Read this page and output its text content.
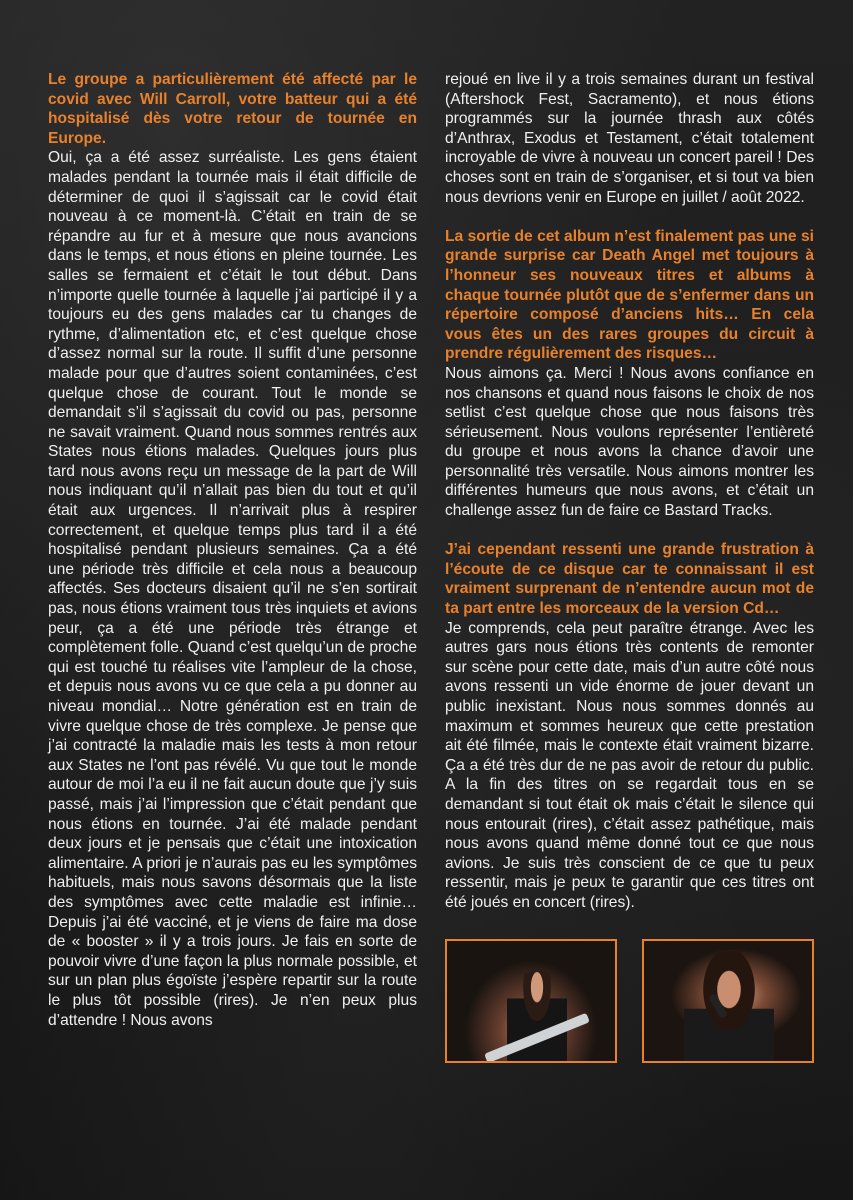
Le groupe a particulièrement été affecté par le covid avec Will Carroll, votre batteur qui a été hospitalisé dès votre retour de tournée en Europe.

Oui, ça a été assez surréaliste. Les gens étaient malades pendant la tournée mais il était difficile de déterminer de quoi il s’agissait car le covid était nouveau à ce moment-là. C’était en train de se répandre au fur et à mesure que nous avancions dans le temps, et nous étions en pleine tournée. Les salles se fermaient et c’était le tout début. Dans n’importe quelle tournée à laquelle j’ai participé il y a toujours eu des gens malades car tu changes de rythme, d’alimentation etc, et c’est quelque chose d’assez normal sur la route. Il suffit d’une personne malade pour que d’autres soient contaminées, c’est quelque chose de courant. Tout le monde se demandait s’il s’agissait du covid ou pas, personne ne savait vraiment. Quand nous sommes rentrés aux States nous étions malades. Quelques jours plus tard nous avons reçu un message de la part de Will nous indiquant qu’il n’allait pas bien du tout et qu’il était aux urgences. Il n’arrivait plus à respirer correctement, et quelque temps plus tard il a été hospitalisé pendant plusieurs semaines. Ça a été une période très difficile et cela nous a beaucoup affectés. Ses docteurs disaient qu’il ne s’en sortirait pas, nous étions vraiment tous très inquiets et avions peur, ça a été une période très étrange et complètement folle. Quand c’est quelqu’un de proche qui est touché tu réalises vite l’ampleur de la chose, et depuis nous avons vu ce que cela a pu donner au niveau mondial… Notre génération est en train de vivre quelque chose de très complexe. Je pense que j’ai contracté la maladie mais les tests à mon retour aux States ne l’ont pas révélé. Vu que tout le monde autour de moi l’a eu il ne fait aucun doute que j’y suis passé, mais j’ai l’impression que c’était pendant que nous étions en tournée. J’ai été malade pendant deux jours et je pensais que c’était une intoxication alimentaire. A priori je n’aurais pas eu les symptômes habituels, mais nous savons désormais que la liste des symptômes avec cette maladie est infinie… Depuis j’ai été vacciné, et je viens de faire ma dose de « booster » il y a trois jours. Je fais en sorte de pouvoir vivre d’une façon la plus normale possible, et sur un plan plus égoïste j’espère repartir sur la route le plus tôt possible (rires). Je n’en peux plus d’attendre ! Nous avons

rejoué en live il y a trois semaines durant un festival (Aftershock Fest, Sacramento), et nous étions programmés sur la journée thrash aux côtés d’Anthrax, Exodus et Testament, c’était totalement incroyable de vivre à nouveau un concert pareil ! Des choses sont en train de s’organiser, et si tout va bien nous devrions venir en Europe en juillet / août 2022.

La sortie de cet album n’est finalement pas une si grande surprise car Death Angel met toujours à l’honneur ses nouveaux titres et albums à chaque tournée plutôt que de s’enfermer dans un répertoire composé d’anciens hits… En cela vous êtes un des rares groupes du circuit à prendre régulièrement des risques…

Nous aimons ça. Merci ! Nous avons confiance en nos chansons et quand nous faisons le choix de nos setlist c’est quelque chose que nous faisons très sérieusement. Nous voulons représenter l’entièreté du groupe et nous avons la chance d’avoir une personnalité très versatile. Nous aimons montrer les différentes humeurs que nous avons, et c’était un challenge assez fun de faire ce Bastard Tracks.

J’ai cependant ressenti une grande frustration à l’écoute de ce disque car te connaissant il est vraiment surprenant de n’entendre aucun mot de ta part entre les morceaux de la version Cd…

Je comprends, cela peut paraître étrange. Avec les autres gars nous étions très contents de remonter sur scène pour cette date, mais d’un autre côté nous avons ressenti un vide énorme de jouer devant un public inexistant. Nous nous sommes donnés au maximum et sommes heureux que cette prestation ait été filmée, mais le contexte était vraiment bizarre. Ça a été très dur de ne pas avoir de retour du public. A la fin des titres on se regardait tous en se demandant si tout était ok mais c’était le silence qui nous entourait (rires), c’était assez pathétique, mais nous avons quand même donné tout ce que nous avions. Je suis très conscient de ce que tu peux ressentir, mais je peux te garantir que ces titres ont été joués en concert (rires).
